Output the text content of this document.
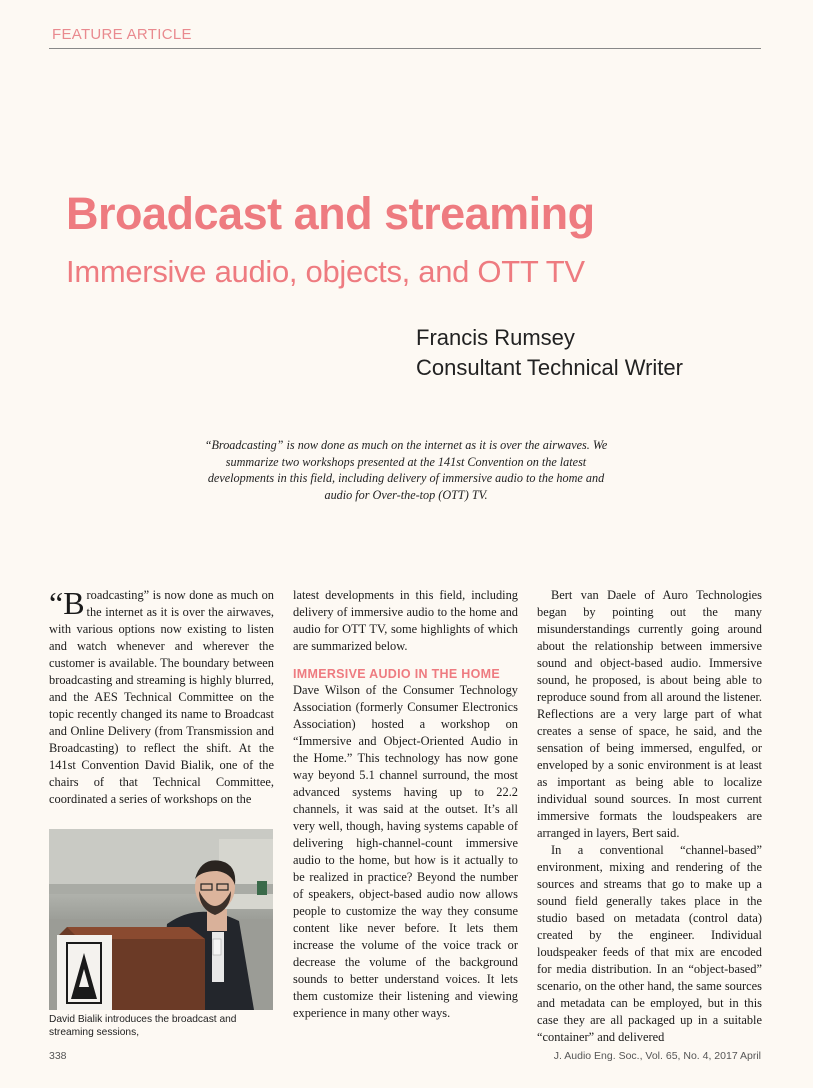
FEATURE ARTICLE
Broadcast and streaming
Immersive audio, objects, and OTT TV
Francis Rumsey
Consultant Technical Writer
“Broadcasting” is now done as much on the internet as it is over the airwaves. We summarize two workshops presented at the 141st Convention on the latest developments in this field, including delivery of immersive audio to the home and audio for Over-the-top (OTT) TV.

“B roadcasting” is now done as much on the internet as it is over the airwaves, with various options now existing to listen and watch whenever and wherever the customer is available. The boundary between broadcasting and streaming is highly blurred, and the AES Technical Committee on the topic recently changed its name to Broadcast and Online Delivery (from Transmission and Broadcasting) to reflect the shift. At the 141st Convention David Bialik, one of the chairs of that Technical Committee, coordinated a series of workshops on the

David Bialik introduces the broadcast and streaming sessions,

latest developments in this field, including delivery of immersive audio to the home and audio for OTT TV, some highlights of which are summarized below.

IMMERSIVE AUDIO IN THE HOME

Dave Wilson of the Consumer Technology Association (formerly Consumer Electronics Association) hosted a workshop on “Immersive and Object-Oriented Audio in the Home.” This technology has now gone way beyond 5.1 channel surround, the most advanced systems having up to 22.2 channels, it was said at the outset. It’s all very well, though, having systems capable of delivering high-channel-count immersive audio to the home, but how is it actually to be realized in practice? Beyond the number of speakers, object-based audio now allows people to customize the way they consume content like never before. It lets them increase the volume of the voice track or decrease the volume of the background sounds to better understand voices. It lets them customize their listening and viewing experience in many other ways.

Bert van Daele of Auro Technologies began by pointing out the many misunderstandings currently going around about the relationship between immersive sound and object-based audio. Immersive sound, he proposed, is about being able to reproduce sound from all around the listener. Reflections are a very large part of what creates a sense of space, he said, and the sensation of being immersed, engulfed, or enveloped by a sonic environment is at least as important as being able to localize individual sound sources. In most current immersive formats the loudspeakers are arranged in layers, Bert said.

In a conventional “channel-based” environment, mixing and rendering of the sources and streams that go to make up a sound field generally takes place in the studio based on metadata (control data) created by the engineer. Individual loudspeaker feeds of that mix are encoded for media distribution. In an “object-based” scenario, on the other hand, the same sources and metadata can be employed, but in this case they are all packaged up in a suitable “container” and delivered

338	J. Audio Eng. Soc., Vol. 65, No. 4, 2017 April
